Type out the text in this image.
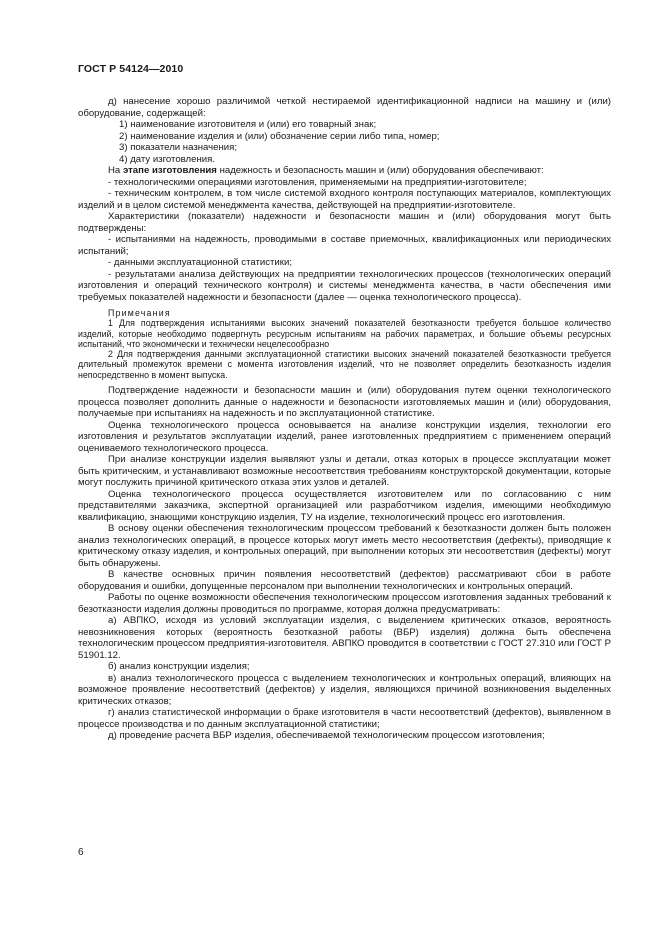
ГОСТ Р 54124—2010

д) нанесение хорошо различимой четкой нестираемой идентификационной надписи на машину и (или) оборудование, содержащей:

1) наименование изготовителя и (или) его товарный знак;

2) наименование изделия и (или) обозначение серии либо типа, номер;

3) показатели назначения;

4) дату изготовления.

На этапе изготовления надежность и безопасность машин и (или) оборудования обеспечивают:

- технологическими операциями изготовления, применяемыми на предприятии-изготовителе;

- техническим контролем, в том числе системой входного контроля поступающих материалов, комплектующих изделий и в целом системой менеджмента качества, действующей на предприятии-изготовителе.

Характеристики (показатели) надежности и безопасности машин и (или) оборудования могут быть подтверждены:

- испытаниями на надежность, проводимыми в составе приемочных, квалификационных или периодических испытаний;

- данными эксплуатационной статистики;

- результатами анализа действующих на предприятии технологических процессов (технологических операций изготовления и операций технического контроля) и системы менеджмента качества, в части обеспечения ими требуемых показателей надежности и безопасности (далее — оценка технологического процесса).

Примечания

1 Для подтверждения испытаниями высоких значений показателей безотказности требуется большое количество изделий, которые необходимо подвергнуть ресурсным испытаниям на рабочих параметрах, и большие объемы ресурсных испытаний, что экономически и технически нецелесообразно

2 Для подтверждения данными эксплуатационной статистики высоких значений показателей безотказности требуется длительный промежуток времени с момента изготовления изделий, что не позволяет определить безотказность изделия непосредственно в момент выпуска.

Подтверждение надежности и безопасности машин и (или) оборудования путем оценки технологического процесса позволяет дополнить данные о надежности и безопасности изготовляемых машин и (или) оборудования, получаемые при испытаниях на надежность и по эксплуатационной статистике.

Оценка технологического процесса основывается на анализе конструкции изделия, технологии его изготовления и результатов эксплуатации изделий, ранее изготовленных предприятием с применением операций оцениваемого технологического процесса.

При анализе конструкции изделия выявляют узлы и детали, отказ которых в процессе эксплуатации может быть критическим, и устанавливают возможные несоответствия требованиям конструкторской документации, которые могут послужить причиной критического отказа этих узлов и деталей.

Оценка технологического процесса осуществляется изготовителем или по согласованию с ним представителями заказчика, экспертной организацией или разработчиком изделия, имеющими необходимую квалификацию, знающими конструкцию изделия, ТУ на изделие, технологический процесс его изготовления.

В основу оценки обеспечения технологическим процессом требований к безотказности должен быть положен анализ технологических операций, в процессе которых могут иметь место несоответствия (дефекты), приводящие к критическому отказу изделия, и контрольных операций, при выполнении которых эти несоответствия (дефекты) могут быть обнаружены.

В качестве основных причин появления несоответствий (дефектов) рассматривают сбои в работе оборудования и ошибки, допущенные персоналом при выполнении технологических и контрольных операций.

Работы по оценке возможности обеспечения технологическим процессом изготовления заданных требований к безотказности изделия должны проводиться по программе, которая должна предусматривать:

а) АВПКО, исходя из условий эксплуатации изделия, с выделением критических отказов, вероятность невозникновения которых (вероятность безотказной работы (ВБР) изделия) должна быть обеспечена технологическим процессом предприятия-изготовителя. АВПКО проводится в соответствии с ГОСТ 27.310 или ГОСТ Р 51901.12.

б) анализ конструкции изделия;

в) анализ технологического процесса с выделением технологических и контрольных операций, влияющих на возможное проявление несоответствий (дефектов) у изделия, являющихся причиной возникновения выделенных критических отказов;

г) анализ статистической информации о браке изготовителя в части несоответствий (дефектов), выявленном в процессе производства и по данным эксплуатационной статистики;

д) проведение расчета ВБР изделия, обеспечиваемой технологическим процессом изготовления;

6
